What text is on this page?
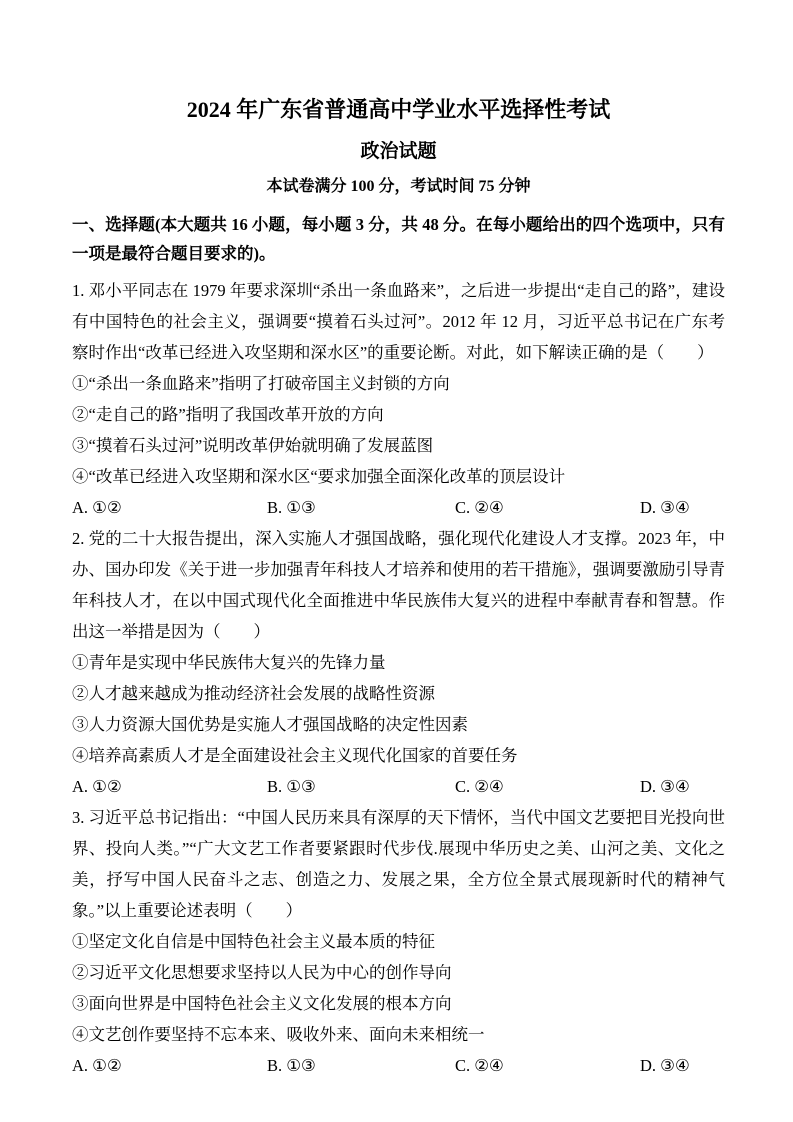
2024 年广东省普通高中学业水平选择性考试
政治试题
本试卷满分 100 分，考试时间 75 分钟
一、选择题(本大题共 16 小题，每小题 3 分，共 48 分。在每小题给出的四个选项中，只有一项是最符合题目要求的)。
1. 邓小平同志在 1979 年要求深圳“杀出一条血路来”，之后进一步提出“走自己的路”，建设有中国特色的社会主义，强调要“摸着石头过河”。2012 年 12 月，习近平总书记在广东考察时作出“改革已经进入攻坚期和深水区”的重要论断。对此，如下解读正确的是（　　）
①“杀出一条血路来”指明了打破帝国主义封锁的方向
②“走自己的路”指明了我国改革开放的方向
③“摸着石头过河”说明改革伊始就明确了发展蓝图
④“改革已经进入攻坚期和深水区“要求加强全面深化改革的顶层设计
A. ①②	B. ①③	C. ②④	D. ③④
2. 党的二十大报告提出，深入实施人才强国战略，强化现代化建设人才支撑。2023 年，中办、国办印发《关于进一步加强青年科技人才培养和使用的若干措施》，强调要激励引导青年科技人才，在以中国式现代化全面推进中华民族伟大复兴的进程中奉献青春和智慧。作出这一举措是因为（　　）
①青年是实现中华民族伟大复兴的先锋力量
②人才越来越成为推动经济社会发展的战略性资源
③人力资源大国优势是实施人才强国战略的决定性因素
④培养高素质人才是全面建设社会主义现代化国家的首要任务
A. ①②	B. ①③	C. ②④	D. ③④
3. 习近平总书记指出：“中国人民历来具有深厚的天下情怀，当代中国文艺要把目光投向世界、投向人类。”“广大文艺工作者要紧跟时代步伐.展现中华历史之美、山河之美、文化之美，抒写中国人民奋斗之志、创造之力、发展之果，全方位全景式展现新时代的精神气象。”以上重要论述表明（　　）
①坚定文化自信是中国特色社会主义最本质的特征
②习近平文化思想要求坚持以人民为中心的创作导向
③面向世界是中国特色社会主义文化发展的根本方向
④文艺创作要坚持不忘本来、吸收外来、面向未来相统一
A. ①②	B. ①③	C. ②④	D. ③④
